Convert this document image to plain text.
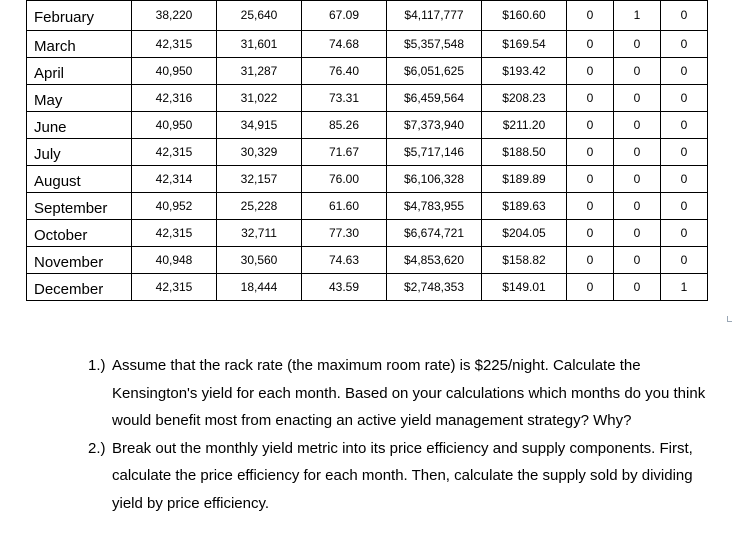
February	38,220	25,640	67.09	$4,117,777	$160.60	0	1	0
March	42,315	31,601	74.68	$5,357,548	$169.54	0	0	0
April	40,950	31,287	76.40	$6,051,625	$193.42	0	0	0
May	42,316	31,022	73.31	$6,459,564	$208.23	0	0	0
June	40,950	34,915	85.26	$7,373,940	$211.20	0	0	0
July	42,315	30,329	71.67	$5,717,146	$188.50	0	0	0
August	42,314	32,157	76.00	$6,106,328	$189.89	0	0	0
September	40,952	25,228	61.60	$4,783,955	$189.63	0	0	0
October	42,315	32,711	77.30	$6,674,721	$204.05	0	0	0
November	40,948	30,560	74.63	$4,853,620	$158.82	0	0	0
December	42,315	18,444	43.59	$2,748,353	$149.01	0	0	1
1.) Assume that the rack rate (the maximum room rate) is $225/night. Calculate the Kensington's yield for each month. Based on your calculations which months do you think would benefit most from enacting an active yield management strategy? Why?
2.) Break out the monthly yield metric into its price efficiency and supply components. First, calculate the price efficiency for each month. Then, calculate the supply sold by dividing yield by price efficiency.
